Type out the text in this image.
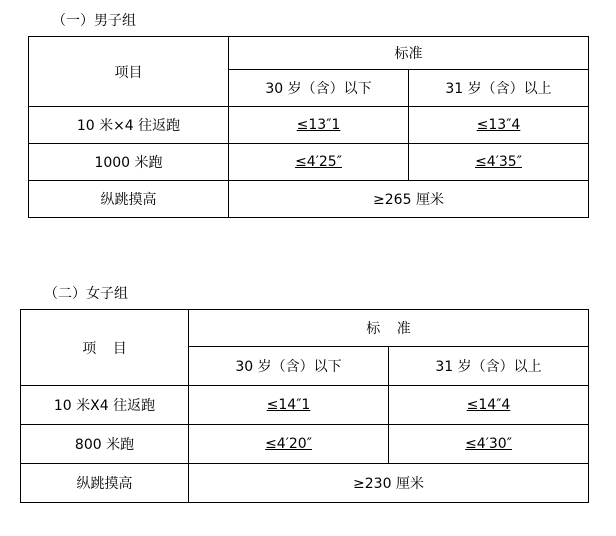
（一）男子组
项目	标准	
	30 岁（含）以下	31 岁（含）以上
10 米×4 往返跑	≤13″1	≤13″4
1000 米跑	≤4′25″	≤4′35″
纵跳摸高	≥265 厘米	
（二）女子组
项 目	标 准	
	30 岁（含）以下	31 岁（含）以上
10 米X4 往返跑	≤14″1	≤14″4
800 米跑	≤4′20″	≤4′30″
纵跳摸高	≥230 厘米	
